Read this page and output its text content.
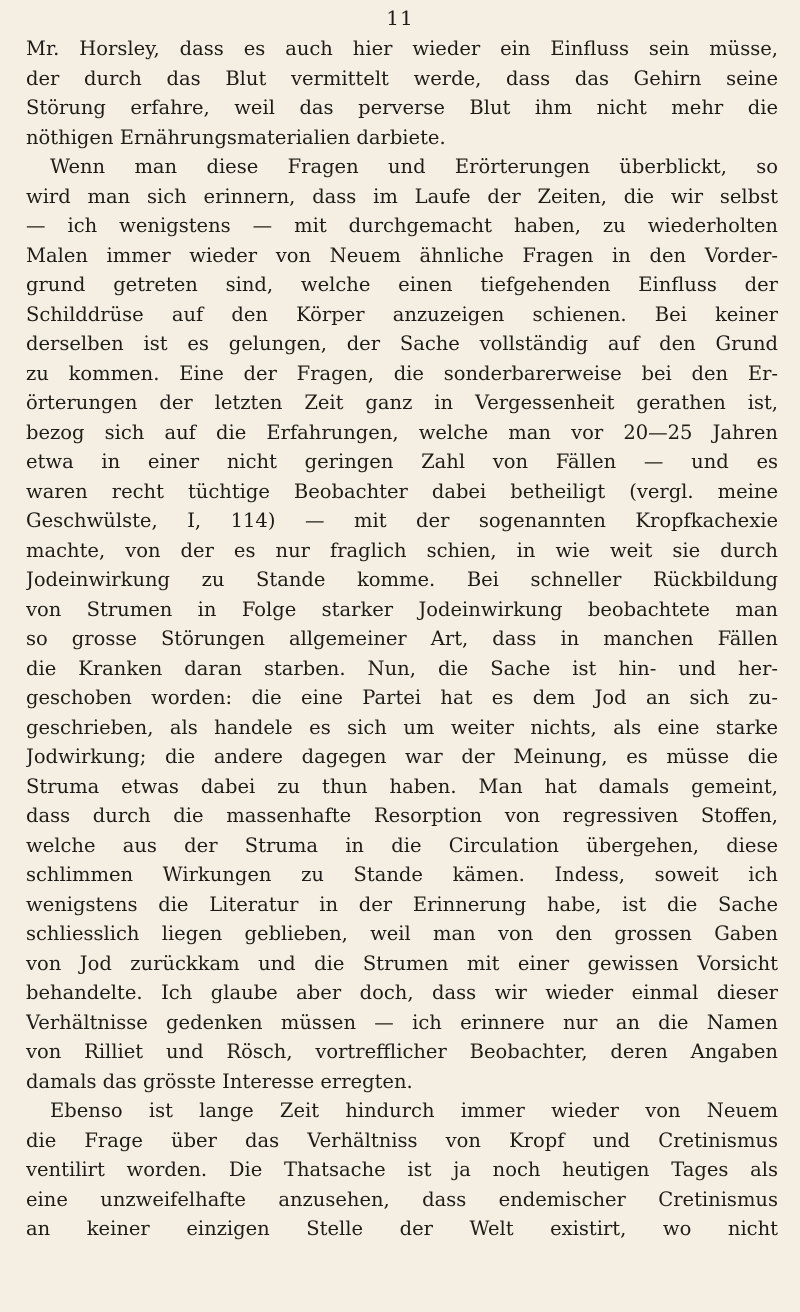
11
Mr. Horsley, dass es auch hier wieder ein Einfluss sein müsse,
der durch das Blut vermittelt werde, dass das Gehirn seine
Störung erfahre, weil das perverse Blut ihm nicht mehr die
nöthigen Ernährungsmaterialien darbiete.
Wenn man diese Fragen und Erörterungen überblickt, so
wird man sich erinnern, dass im Laufe der Zeiten, die wir selbst
— ich wenigstens — mit durchgemacht haben, zu wiederholten
Malen immer wieder von Neuem ähnliche Fragen in den Vorder-
grund getreten sind, welche einen tiefgehenden Einfluss der
Schilddrüse auf den Körper anzuzeigen schienen. Bei keiner
derselben ist es gelungen, der Sache vollständig auf den Grund
zu kommen. Eine der Fragen, die sonderbarerweise bei den Er-
örterungen der letzten Zeit ganz in Vergessenheit gerathen ist,
bezog sich auf die Erfahrungen, welche man vor 20—25 Jahren
etwa in einer nicht geringen Zahl von Fällen — und es
waren recht tüchtige Beobachter dabei betheiligt (vergl. meine
Geschwülste, I, 114) — mit der sogenannten Kropfkachexie
machte, von der es nur fraglich schien, in wie weit sie durch
Jodeinwirkung zu Stande komme. Bei schneller Rückbildung
von Strumen in Folge starker Jodeinwirkung beobachtete man
so grosse Störungen allgemeiner Art, dass in manchen Fällen
die Kranken daran starben. Nun, die Sache ist hin- und her-
geschoben worden: die eine Partei hat es dem Jod an sich zu-
geschrieben, als handele es sich um weiter nichts, als eine starke
Jodwirkung; die andere dagegen war der Meinung, es müsse die
Struma etwas dabei zu thun haben. Man hat damals gemeint,
dass durch die massenhafte Resorption von regressiven Stoffen,
welche aus der Struma in die Circulation übergehen, diese
schlimmen Wirkungen zu Stande kämen. Indess, soweit ich
wenigstens die Literatur in der Erinnerung habe, ist die Sache
schliesslich liegen geblieben, weil man von den grossen Gaben
von Jod zurückkam und die Strumen mit einer gewissen Vorsicht
behandelte. Ich glaube aber doch, dass wir wieder einmal dieser
Verhältnisse gedenken müssen — ich erinnere nur an die Namen
von Rilliet und Rösch, vortrefflicher Beobachter, deren Angaben
damals das grösste Interesse erregten.
Ebenso ist lange Zeit hindurch immer wieder von Neuem
die Frage über das Verhältniss von Kropf und Cretinismus
ventilirt worden. Die Thatsache ist ja noch heutigen Tages als
eine unzweifelhafte anzusehen, dass endemischer Cretinismus
an keiner einzigen Stelle der Welt existirt, wo nicht
